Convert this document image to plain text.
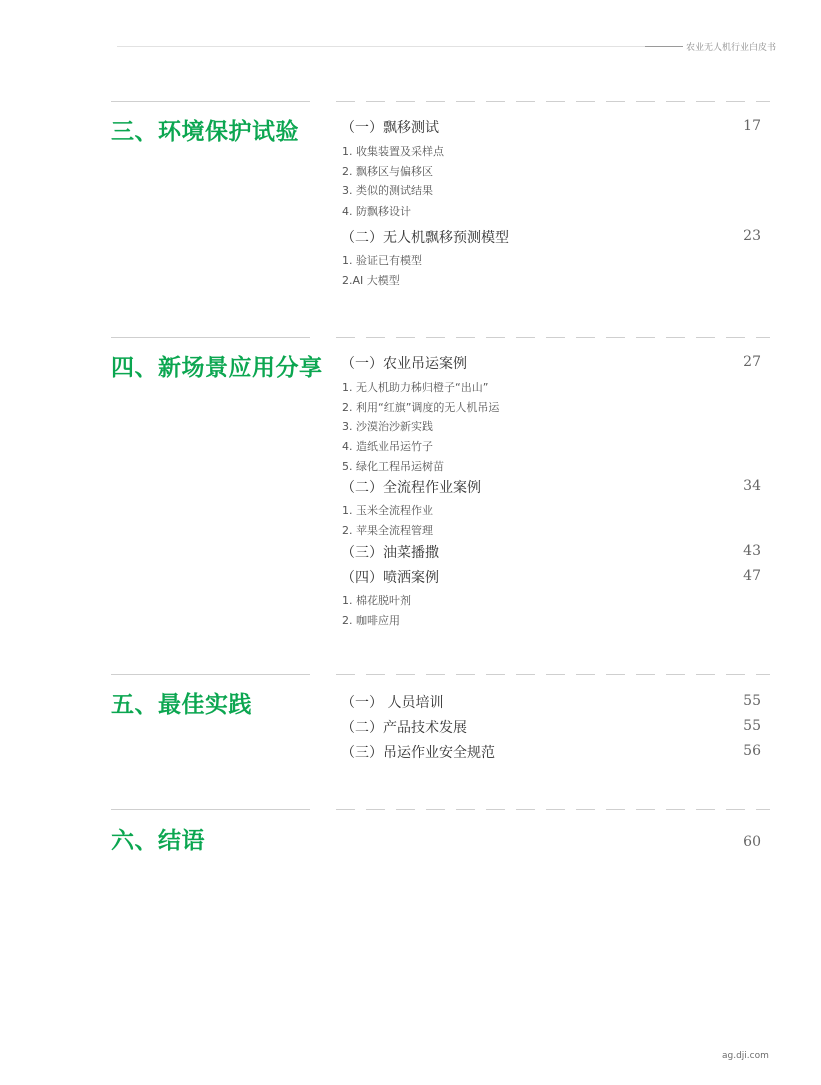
农业无人机行业白皮书
三、环境保护试验	（一）飘移测试	17
1. 收集装置及采样点
2. 飘移区与偏移区
3. 类似的测试结果
4. 防飘移设计
（二）无人机飘移预测模型	23
1. 验证已有模型
2.AI 大模型
四、新场景应用分享 （一）农业吊运案例	27
1. 无人机助力秭归橙子“出山”
2. 利用“红旗”调度的无人机吊运
3. 沙漠治沙新实践
4. 造纸业吊运竹子
5. 绿化工程吊运树苗
（二）全流程作业案例	34
1. 玉米全流程作业
2. 苹果全流程管理
（三）油菜播撒	43
（四）喷洒案例	47
1. 棉花脱叶剂
2. 咖啡应用
五、最佳实践	（一） 人员培训	55
（二）产品技术发展	55
（三）吊运作业安全规范	56
六、结语	60
ag.dji.com
